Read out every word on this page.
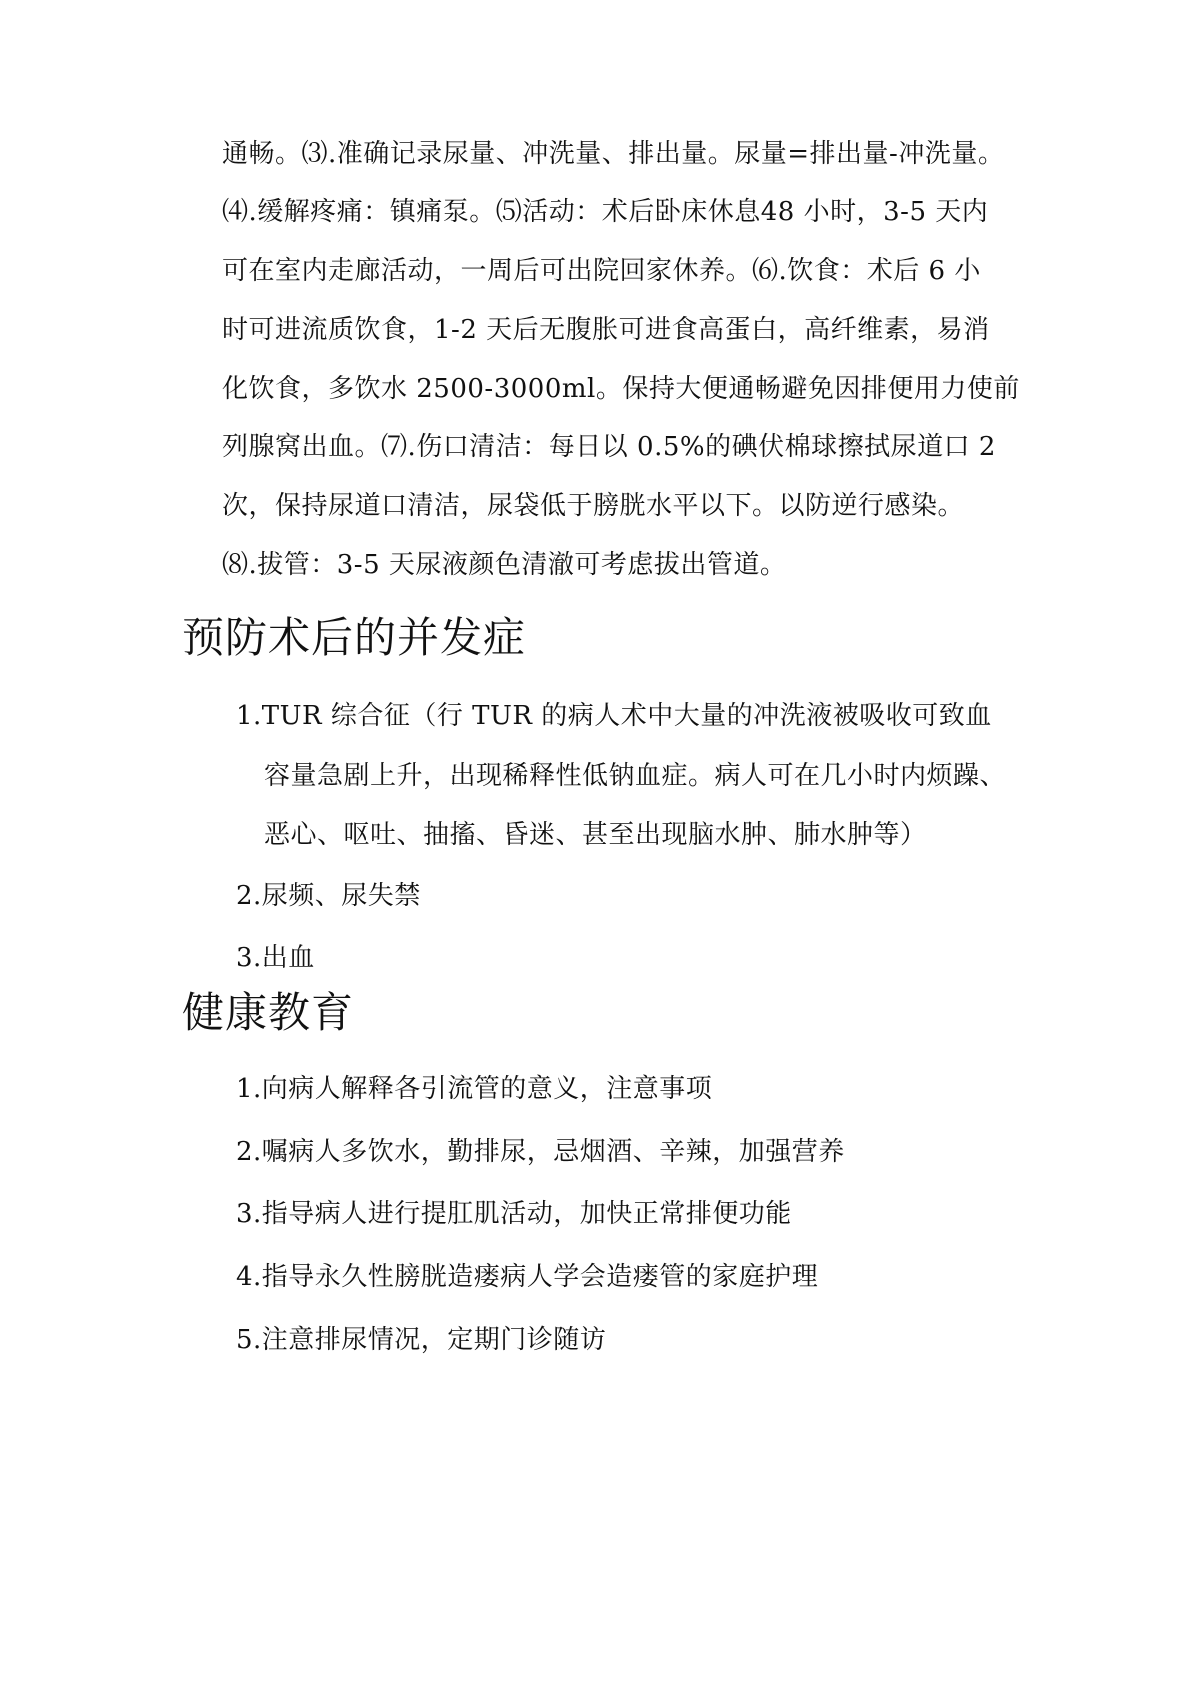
通畅。⑶.准确记录尿量、冲洗量、排出量。尿量=排出量-冲洗量。
⑷.缓解疼痛：镇痛泵。⑸活动：术后卧床休息48 小时，3-5 天内
可在室内走廊活动，一周后可出院回家休养。⑹.饮食：术后 6 小
时可进流质饮食，1-2 天后无腹胀可进食高蛋白，高纤维素，易消
化饮食，多饮水 2500-3000ml。保持大便通畅避免因排便用力使前
列腺窝出血。⑺.伤口清洁：每日以 0.5%的碘伏棉球擦拭尿道口 2
次，保持尿道口清洁，尿袋低于膀胱水平以下。以防逆行感染。
⑻.拔管：3-5 天尿液颜色清澈可考虑拔出管道。
预防术后的并发症
1.TUR 综合征（行 TUR 的病人术中大量的冲洗液被吸收可致血
容量急剧上升，出现稀释性低钠血症。病人可在几小时内烦躁、
恶心、呕吐、抽搐、昏迷、甚至出现脑水肿、肺水肿等）
2.尿频、尿失禁
3.出血
健康教育
1.向病人解释各引流管的意义，注意事项
2.嘱病人多饮水，勤排尿，忌烟酒、辛辣，加强营养
3.指导病人进行提肛肌活动，加快正常排便功能
4.指导永久性膀胱造瘘病人学会造瘘管的家庭护理
5.注意排尿情况，定期门诊随访
